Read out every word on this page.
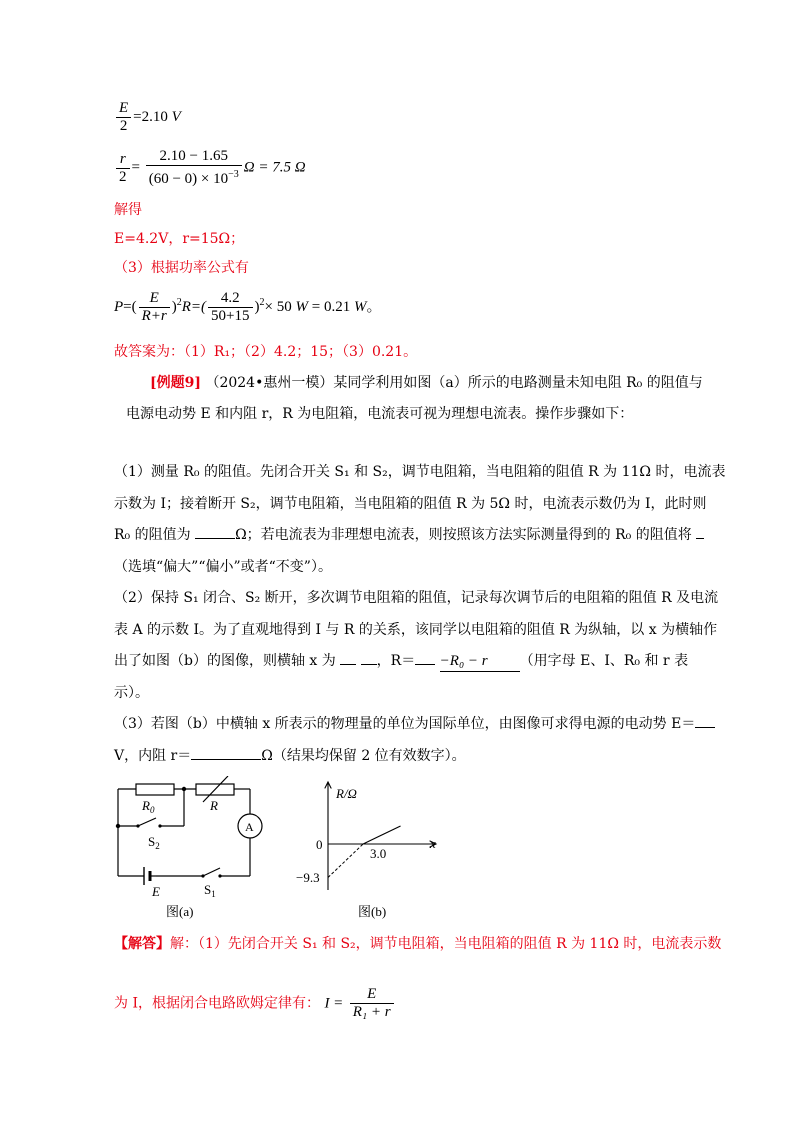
$\frac{E}{2} =2.10$ V
$\frac{r}{2} = \frac{2.10 - 1.65}{(60 - 0) \times 10^{-3}}$ Ω = 7.5 Ω
解得
E=4.2V，r=15Ω；
（3）根据功率公式有
$P=( \frac{E}{R+r} )^2R=( \frac{4.2}{50+15} )^2\times 50$ W = 0.21 W。
故答案为：（1）R₁；（2）4.2；15；（3）0.21。
[例题9] （2024•惠州一模）某同学利用如图（a）所示的电路测量未知电阻 R₀ 的阻值与
电源电动势 E 和内阻 r，R 为电阻箱，电流表可视为理想电流表。操作步骤如下：
（1）测量 R₀ 的阻值。先闭合开关 S₁ 和 S₂，调节电阻箱，当电阻箱的阻值 R 为 11Ω 时，电流表
示数为 I；接着断开 S₂，调节电阻箱，当电阻箱的阻值 R 为 5Ω 时，电流表示数仍为 I，此时则
R₀ 的阻值为	Ω；若电流表为非理想电流表，则按照该方法实际测量得到的 R₀ 的阻值将
（选填“偏大”“偏小”或者“不变”）。
（2）保持 S₁ 闭合、S₂ 断开，多次调节电阻箱的阻值，记录每次调节后的电阻箱的阻值 R 及电流
表 A 的示数 I。为了直观地得到 I 与 R 的关系，该同学以电阻箱的阻值 R 为纵轴，以 x 为横轴作
出了如图（b）的图像，则横轴 x 为	，R＝ −R₀ − r （用字母 E、I、R₀ 和 r 表
示）。
（3）若图（b）中横轴 x 所表示的物理量的单位为国际单位，由图像可求得电源的电动势 E＝
V，内阻 r＝	Ω（结果均保留 2 位有效数字）。
$R_0$	R
A
$S_2$
E	$S_1$
图(a)
R/Ω
x
0
3.0
−9.3
图(b)
【解答】解：（1）先闭合开关 S₁ 和 S₂，调节电阻箱，当电阻箱的阻值 R 为 11Ω 时，电流表示数
为 I，根据闭合电路欧姆定律有： $I = \frac{E}{\text{R₁ + r}}$
